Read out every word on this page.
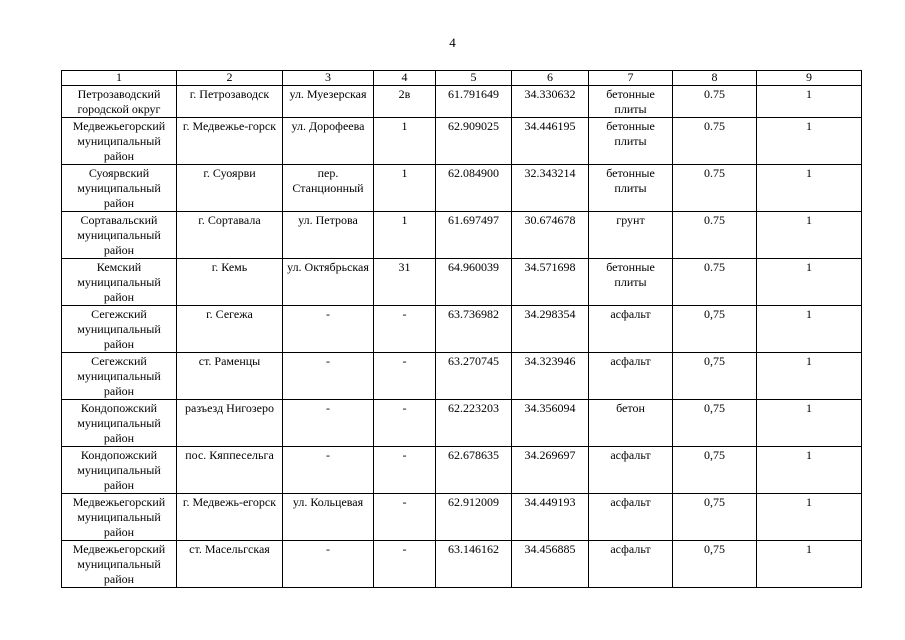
4
1	2	3	4	5	6	7	8	9
Петрозаводский городской округ	г. Петрозаводск	ул. Муезерская	2в	61.791649	34.330632	бетонные плиты	0.75	1
Медвежьегорский муниципальный район	г. Медвежье-горск	ул. Дорофеева	1	62.909025	34.446195	бетонные плиты	0.75	1
Суоярвский муниципальный район	г. Суоярви	пер. Станционный	1	62.084900	32.343214	бетонные плиты	0.75	1
Сортавальский муниципальный район	г. Сортавала	ул. Петрова	1	61.697497	30.674678	грунт	0.75	1
Кемский муниципальный район	г. Кемь	ул. Октябрьская	31	64.960039	34.571698	бетонные плиты	0.75	1
Сегежский муниципальный район	г. Сегежа	-	-	63.736982	34.298354	асфальт	0,75	1
Сегежский муниципальный район	ст. Раменцы	-	-	63.270745	34.323946	асфальт	0,75	1
Кондопожский муниципальный район	разъезд Нигозеро	-	-	62.223203	34.356094	бетон	0,75	1
Кондопожский муниципальный район	пос. Кяппесельга	-	-	62.678635	34.269697	асфальт	0,75	1
Медвежьегорский муниципальный район	г. Медвежь-егорск	ул. Кольцевая	-	62.912009	34.449193	асфальт	0,75	1
Медвежьегорский муниципальный район	ст. Масельгская	-	-	63.146162	34.456885	асфальт	0,75	1
